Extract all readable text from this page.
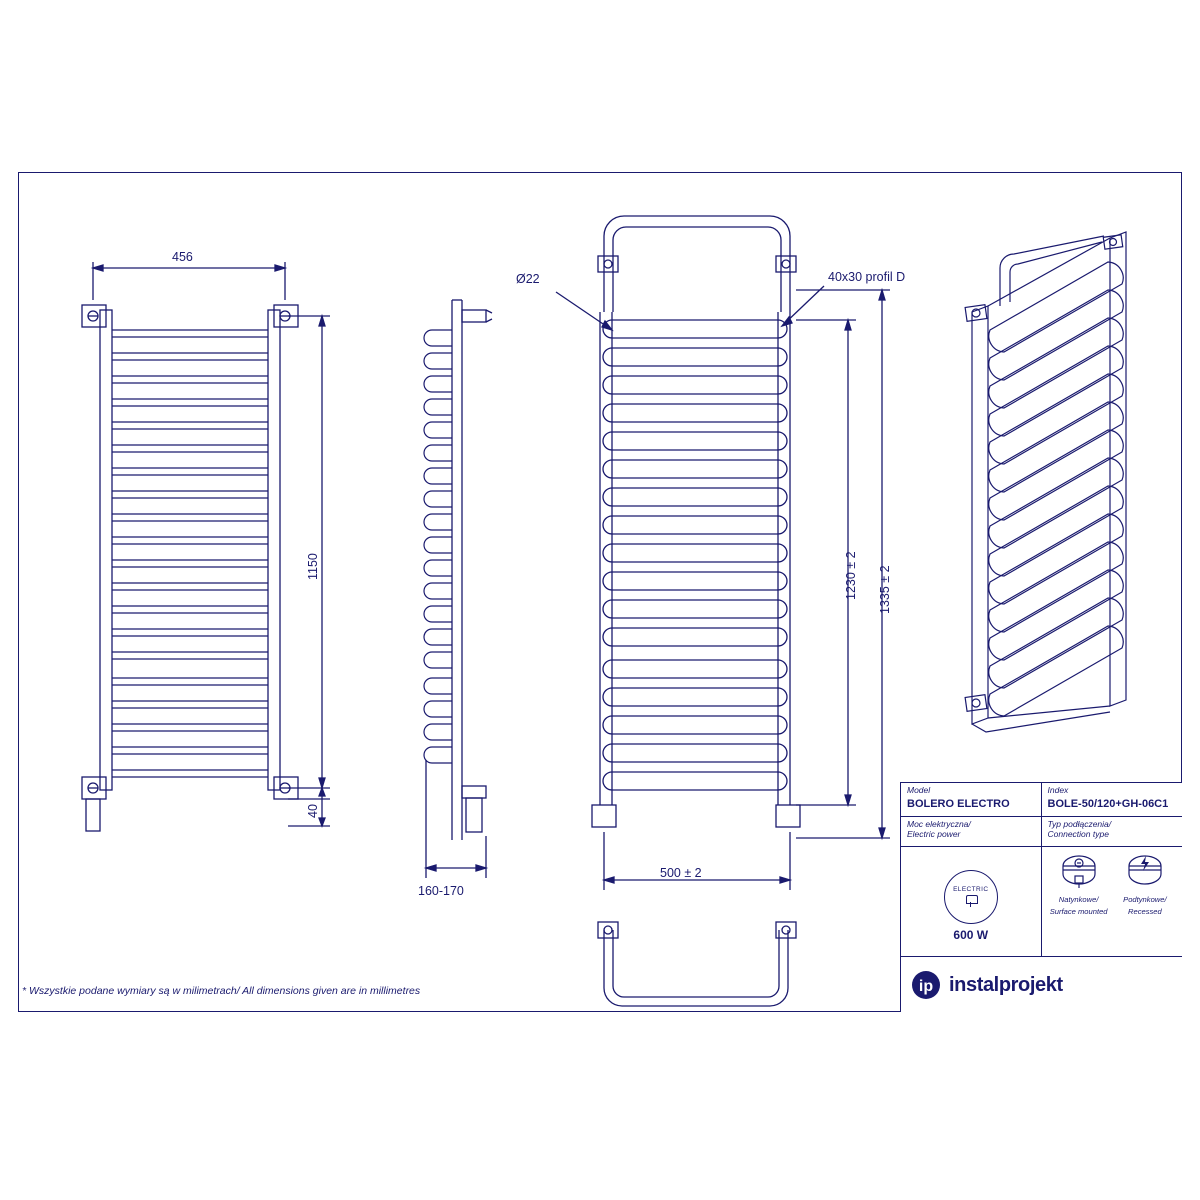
456
1150
40
160-170
Ø22	40x30 profil D
1230 ± 2 1335 ± 2
500 ± 2
* Wszystkie podane wymiary są w milimetrach/ All dimensions given are in millimetres
Model
BOLERO ELECTRO
Index
BOLE-50/120+GH-06C1
Moc elektryczna/
Electric power
Typ podłączenia/
Connection type
ELECTRIC
600 W
Natynkowe/
Surface mounted
Podtynkowe/
Recessed
ip instalprojekt
